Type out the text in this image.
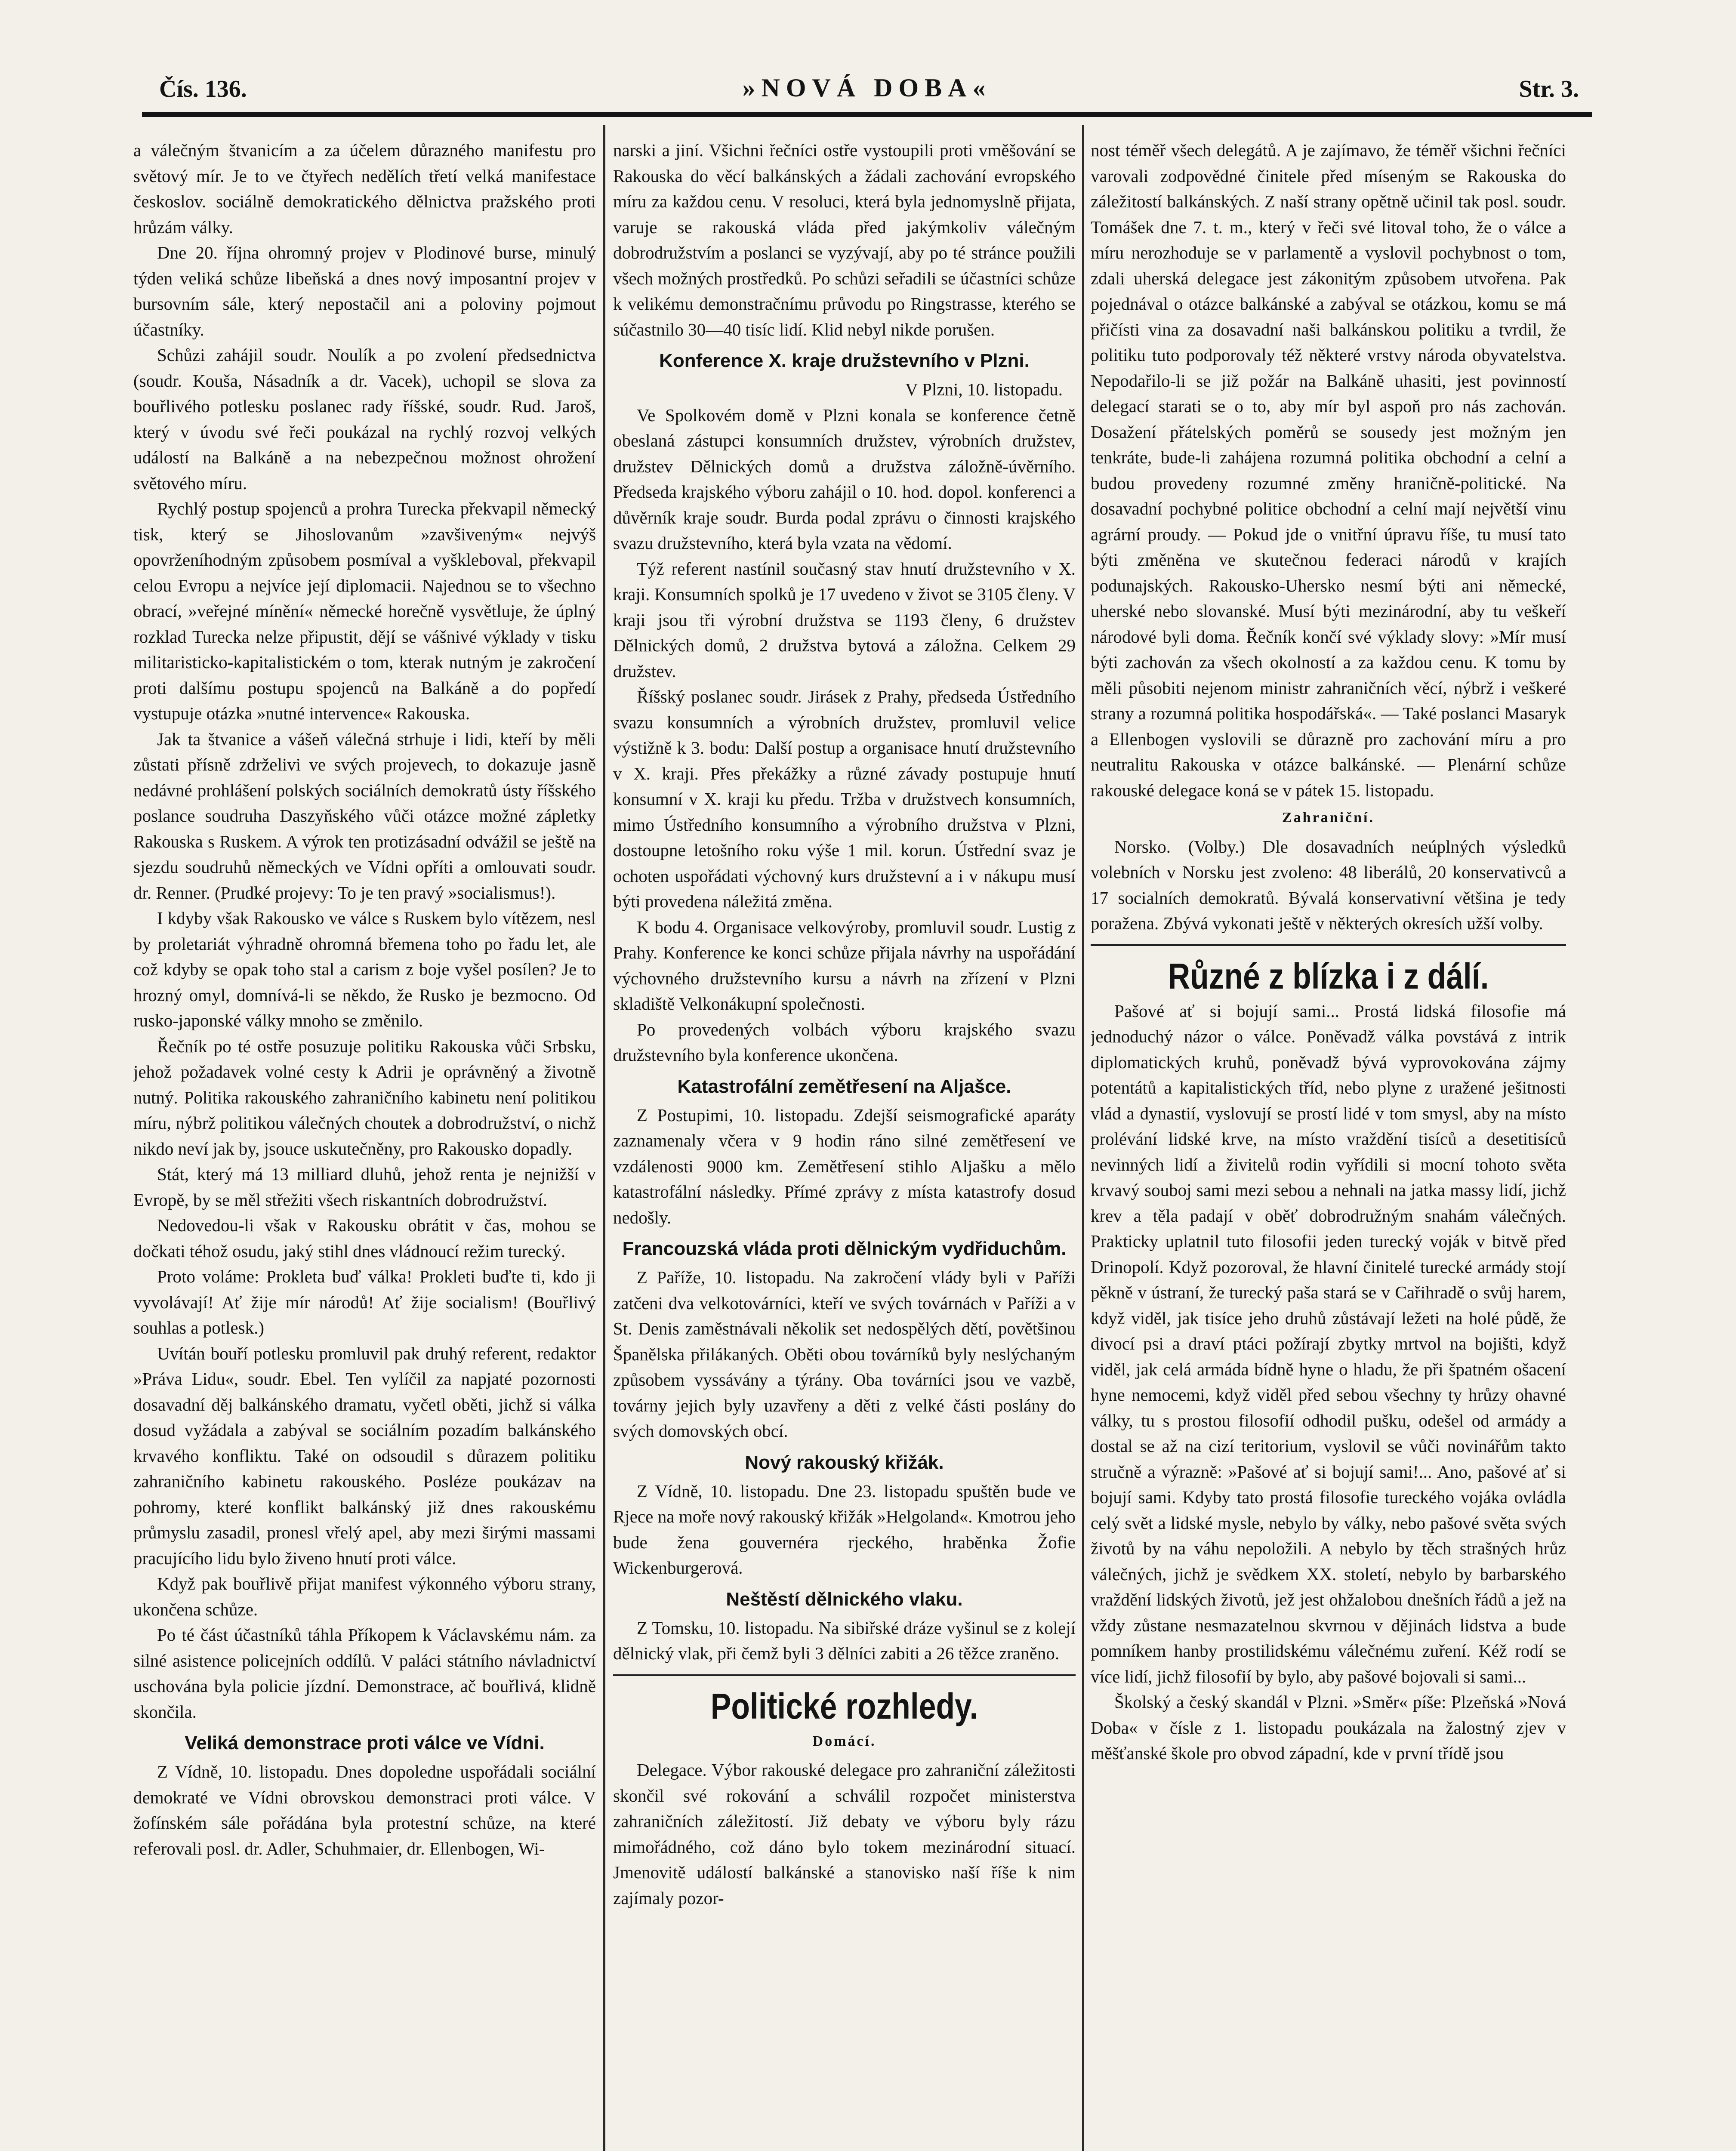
Čís. 136.	»NOVÁ DOBA«	Str. 3.

a válečným štvanicím a za účelem důrazného manifestu pro světový mír. Je to ve čtyřech nedělích třetí velká manifestace českoslov. sociálně demokratického dělnictva pražského proti hrůzám války.

Dne 20. října ohromný projev v Plodinové burse, minulý týden veliká schůze libeňská a dnes nový imposantní projev v bursovním sále, který nepostačil ani a poloviny pojmout účastníky.

Schůzi zahájil soudr. Noulík a po zvolení předsednictva (soudr. Kouša, Násadník a dr. Vacek), uchopil se slova za bouřlivého potlesku poslanec rady říšské, soudr. Rud. Jaroš, který v úvodu své řeči poukázal na rychlý rozvoj velkých událostí na Balkáně a na nebezpečnou možnost ohrožení světového míru.

Rychlý postup spojenců a prohra Turecka překvapil německý tisk, který se Jihoslovanům »zavšiveným« nejvýš opovrženíhodným způsobem posmíval a vyškleboval, překvapil celou Evropu a nejvíce její diplomacii. Najednou se to všechno obrací, »veřejné mínění« německé horečně vysvětluje, že úplný rozklad Turecka nelze připustit, dějí se vášnivé výklady v tisku militaristicko-kapitalistickém o tom, kterak nutným je zakročení proti dalšímu postupu spojenců na Balkáně a do popředí vystupuje otázka »nutné intervence« Rakouska.

Jak ta štvanice a vášeň válečná strhuje i lidi, kteří by měli zůstati přísně zdrželivi ve svých projevech, to dokazuje jasně nedávné prohlášení polských sociálních demokratů ústy říšského poslance soudruha Daszyňského vůči otázce možné zápletky Rakouska s Ruskem. A výrok ten protizásadní odvážil se ještě na sjezdu soudruhů německých ve Vídni opříti a omlouvati soudr. dr. Renner. (Prudké projevy: To je ten pravý »socialismus!).

I kdyby však Rakousko ve válce s Ruskem bylo vítězem, nesl by proletariát výhradně ohromná břemena toho po řadu let, ale což kdyby se opak toho stal a carism z boje vyšel posílen? Je to hrozný omyl, domnívá-li se někdo, že Rusko je bezmocno. Od rusko-japonské války mnoho se změnilo.

Řečník po té ostře posuzuje politiku Rakouska vůči Srbsku, jehož požadavek volné cesty k Adrii je oprávněný a životně nutný. Politika rakouského zahraničního kabinetu není politikou míru, nýbrž politikou válečných choutek a dobrodružství, o nichž nikdo neví jak by, jsouce uskutečněny, pro Rakousko dopadly.

Stát, který má 13 milliard dluhů, jehož renta je nejnižší v Evropě, by se měl střežiti všech riskantních dobrodružství.

Nedovedou-li však v Rakousku obrátit v čas, mohou se dočkati téhož osudu, jaký stihl dnes vládnoucí režim turecký.

Proto voláme: Prokleta buď válka! Prokleti buďte ti, kdo ji vyvolávají! Ať žije mír národů! Ať žije socialism! (Bouřlivý souhlas a potlesk.)

Uvítán bouří potlesku promluvil pak druhý referent, redaktor »Práva Lidu«, soudr. Ebel. Ten vylíčil za napjaté pozornosti dosavadní děj balkánského dramatu, vyčetl oběti, jichž si válka dosud vyžádala a zabýval se sociálním pozadím balkánského krvavého konfliktu. Také on odsoudil s důrazem politiku zahraničního kabinetu rakouského. Posléze poukázav na pohromy, které konflikt balkánský již dnes rakouskému průmyslu zasadil, pronesl vřelý apel, aby mezi širými massami pracujícího lidu bylo živeno hnutí proti válce.

Když pak bouřlivě přijat manifest výkonného výboru strany, ukončena schůze.

Po té část účastníků táhla Příkopem k Václavskému nám. za silné asistence policejních oddílů. V paláci státního návladnictví uschována byla policie jízdní. Demonstrace, ač bouřlivá, klidně skončila.

Veliká demonstrace proti válce ve Vídni.

Z Vídně, 10. listopadu. Dnes dopoledne uspořádali sociální demokraté ve Vídni obrovskou demonstraci proti válce. V žofínském sále pořádána byla protestní schůze, na které referovali posl. dr. Adler, Schuhmaier, dr. Ellenbogen, Wi-

narski a jiní. Všichni řečníci ostře vystoupili proti vměšování se Rakouska do věcí balkánských a žádali zachování evropského míru za každou cenu. V resoluci, která byla jednomyslně přijata, varuje se rakouská vláda před jakýmkoliv válečným dobrodružstvím a poslanci se vyzývají, aby po té stránce použili všech možných prostředků. Po schůzi seřadili se účastníci schůze k velikému demonstračnímu průvodu po Ringstrasse, kterého se súčastnilo 30—40 tisíc lidí. Klid nebyl nikde porušen.

Konference X. kraje družstevního v Plzni.

V Plzni, 10. listopadu.

Ve Spolkovém domě v Plzni konala se konference četně obeslaná zástupci konsumních družstev, výrobních družstev, družstev Dělnických domů a družstva záložně-úvěrního. Předseda krajského výboru zahájil o 10. hod. dopol. konferenci a důvěrník kraje soudr. Burda podal zprávu o činnosti krajského svazu družstevního, která byla vzata na vědomí.

Týž referent nastínil současný stav hnutí družstevního v X. kraji. Konsumních spolků je 17 uvedeno v život se 3105 členy. V kraji jsou tři výrobní družstva se 1193 členy, 6 družstev Dělnických domů, 2 družstva bytová a záložna. Celkem 29 družstev.

Říšský poslanec soudr. Jirásek z Prahy, předseda Ústředního svazu konsumních a výrobních družstev, promluvil velice výstižně k 3. bodu: Další postup a organisace hnutí družstevního v X. kraji. Přes překážky a různé závady postupuje hnutí konsumní v X. kraji ku předu. Tržba v družstvech konsumních, mimo Ústředního konsumního a výrobního družstva v Plzni, dostoupne letošního roku výše 1 mil. korun. Ústřední svaz je ochoten uspořádati výchovný kurs družstevní a i v nákupu musí býti provedena náležitá změna.

K bodu 4. Organisace velkovýroby, promluvil soudr. Lustig z Prahy. Konference ke konci schůze přijala návrhy na uspořádání výchovného družstevního kursu a návrh na zřízení v Plzni skladiště Velkonákupní společnosti.

Po provedených volbách výboru krajského svazu družstevního byla konference ukončena.

Katastrofální zemětřesení na Aljašce.

Z Postupimi, 10. listopadu. Zdejší seismografické aparáty zaznamenaly včera v 9 hodin ráno silné zemětřesení ve vzdálenosti 9000 km. Zemětřesení stihlo Aljašku a mělo katastrofální následky. Přímé zprávy z místa katastrofy dosud nedošly.

Francouzská vláda proti dělnickým vydřiduchům.

Z Paříže, 10. listopadu. Na zakročení vlády byli v Paříži zatčeni dva velkotovárníci, kteří ve svých továrnách v Paříži a v St. Denis zaměstnávali několik set nedospělých dětí, povětšinou Španělska přilákaných. Oběti obou továrníků byly neslýchaným způsobem vyssávány a týrány. Oba továrníci jsou ve vazbě, továrny jejich byly uzavřeny a děti z velké části poslány do svých domovských obcí.

Nový rakouský křižák.

Z Vídně, 10. listopadu. Dne 23. listopadu spuštěn bude ve Rjece na moře nový rakouský křižák »Helgoland«. Kmotrou jeho bude žena gouvernéra rjeckého, hraběnka Žofie Wickenburgerová.

Neštěstí dělnického vlaku.

Z Tomsku, 10. listopadu. Na sibiřské dráze vyšinul se z kolejí dělnický vlak, při čemž byli 3 dělníci zabiti a 26 těžce zraněno.

Politické rozhledy.
Domácí.

Delegace. Výbor rakouské delegace pro zahraniční záležitosti skončil své rokování a schválil rozpočet ministerstva zahraničních záležitostí. Již debaty ve výboru byly rázu mimořádného, což dáno bylo tokem mezinárodní situací. Jmenovitě událostí balkánské a stanovisko naší říše k nim zajímaly pozor-

nost téměř všech delegátů. A je zajímavo, že téměř všichni řečníci varovali zodpovědné činitele před míseným se Rakouska do záležitostí balkánských. Z naší strany opětně učinil tak posl. soudr. Tomášek dne 7. t. m., který v řeči své litoval toho, že o válce a míru nerozhoduje se v parlamentě a vyslovil pochybnost o tom, zdali uherská delegace jest zákonitým způsobem utvořena. Pak pojednával o otázce balkánské a zabýval se otázkou, komu se má přičísti vina za dosavadní naši balkánskou politiku a tvrdil, že politiku tuto podporovaly též některé vrstvy národa obyvatelstva. Nepodařilo-li se již požár na Balkáně uhasiti, jest povinností delegací starati se o to, aby mír byl aspoň pro nás zachován. Dosažení přátelských poměrů se sousedy jest možným jen tenkráte, bude-li zahájena rozumná politika obchodní a celní a budou provedeny rozumné změny hraničně-politické. Na dosavadní pochybné politice obchodní a celní mají největší vinu agrární proudy. — Pokud jde o vnitřní úpravu říše, tu musí tato býti změněna ve skutečnou federaci národů v krajích podunajských. Rakousko-Uhersko nesmí býti ani německé, uherské nebo slovanské. Musí býti mezinárodní, aby tu veškeří národové byli doma. Řečník končí své výklady slovy: »Mír musí býti zachován za všech okolností a za každou cenu. K tomu by měli působiti nejenom ministr zahraničních věcí, nýbrž i veškeré strany a rozumná politika hospodářská«. — Také poslanci Masaryk a Ellenbogen vyslovili se důrazně pro zachování míru a pro neutralitu Rakouska v otázce balkánské. — Plenární schůze rakouské delegace koná se v pátek 15. listopadu.

Zahraniční.

Norsko. (Volby.) Dle dosavadních neúplných výsledků volebních v Norsku jest zvoleno: 48 liberálů, 20 konservativců a 17 socialních demokratů. Bývalá konservativní většina je tedy poražena. Zbývá vykonati ještě v některých okresích užší volby.

Různé z blízka i z dálí.

Pašové ať si bojují sami... Prostá lidská filosofie má jednoduchý názor o válce. Poněvadž válka povstává z intrik diplomatických kruhů, poněvadž bývá vyprovokována zájmy potentátů a kapitalistických tříd, nebo plyne z uražené ješitnosti vlád a dynastií, vyslovují se prostí lidé v tom smysl, aby na místo prolévání lidské krve, na místo vraždění tisíců a desetitisíců nevinných lidí a živitelů rodin vyřídili si mocní tohoto světa krvavý souboj sami mezi sebou a nehnali na jatka massy lidí, jichž krev a těla padají v oběť dobrodružným snahám válečných. Prakticky uplatnil tuto filosofii jeden turecký voják v bitvě před Drinopolí. Když pozoroval, že hlavní činitelé turecké armády stojí pěkně v ústraní, že turecký paša stará se v Cařihradě o svůj harem, když viděl, jak tisíce jeho druhů zůstávají ležeti na holé půdě, že divocí psi a draví ptáci požírají zbytky mrtvol na bojišti, když viděl, jak celá armáda bídně hyne o hladu, že při špatném ošacení hyne nemocemi, když viděl před sebou všechny ty hrůzy ohavné války, tu s prostou filosofií odhodil pušku, odešel od armády a dostal se až na cizí teritorium, vyslovil se vůči novinářům takto stručně a výrazně: »Pašové ať si bojují sami!... Ano, pašové ať si bojují sami. Kdyby tato prostá filosofie tureckého vojáka ovládla celý svět a lidské mysle, nebylo by války, nebo pašové světa svých životů by na váhu nepoložili. A nebylo by těch strašných hrůz válečných, jichž je svědkem XX. století, nebylo by barbarského vraždění lidských životů, jež jest ohžalobou dnešních řádů a jež na vždy zůstane nesmazatelnou skvrnou v dějinách lidstva a bude pomníkem hanby prostilidskému válečnému zuření. Kéž rodí se více lidí, jichž filosofií by bylo, aby pašové bojovali si sami...

Školský a český skandál v Plzni. »Směr« píše: Plzeňská »Nová Doba« v čísle z 1. listopadu poukázala na žalostný zjev v měšťanské škole pro obvod západní, kde v první třídě jsou
